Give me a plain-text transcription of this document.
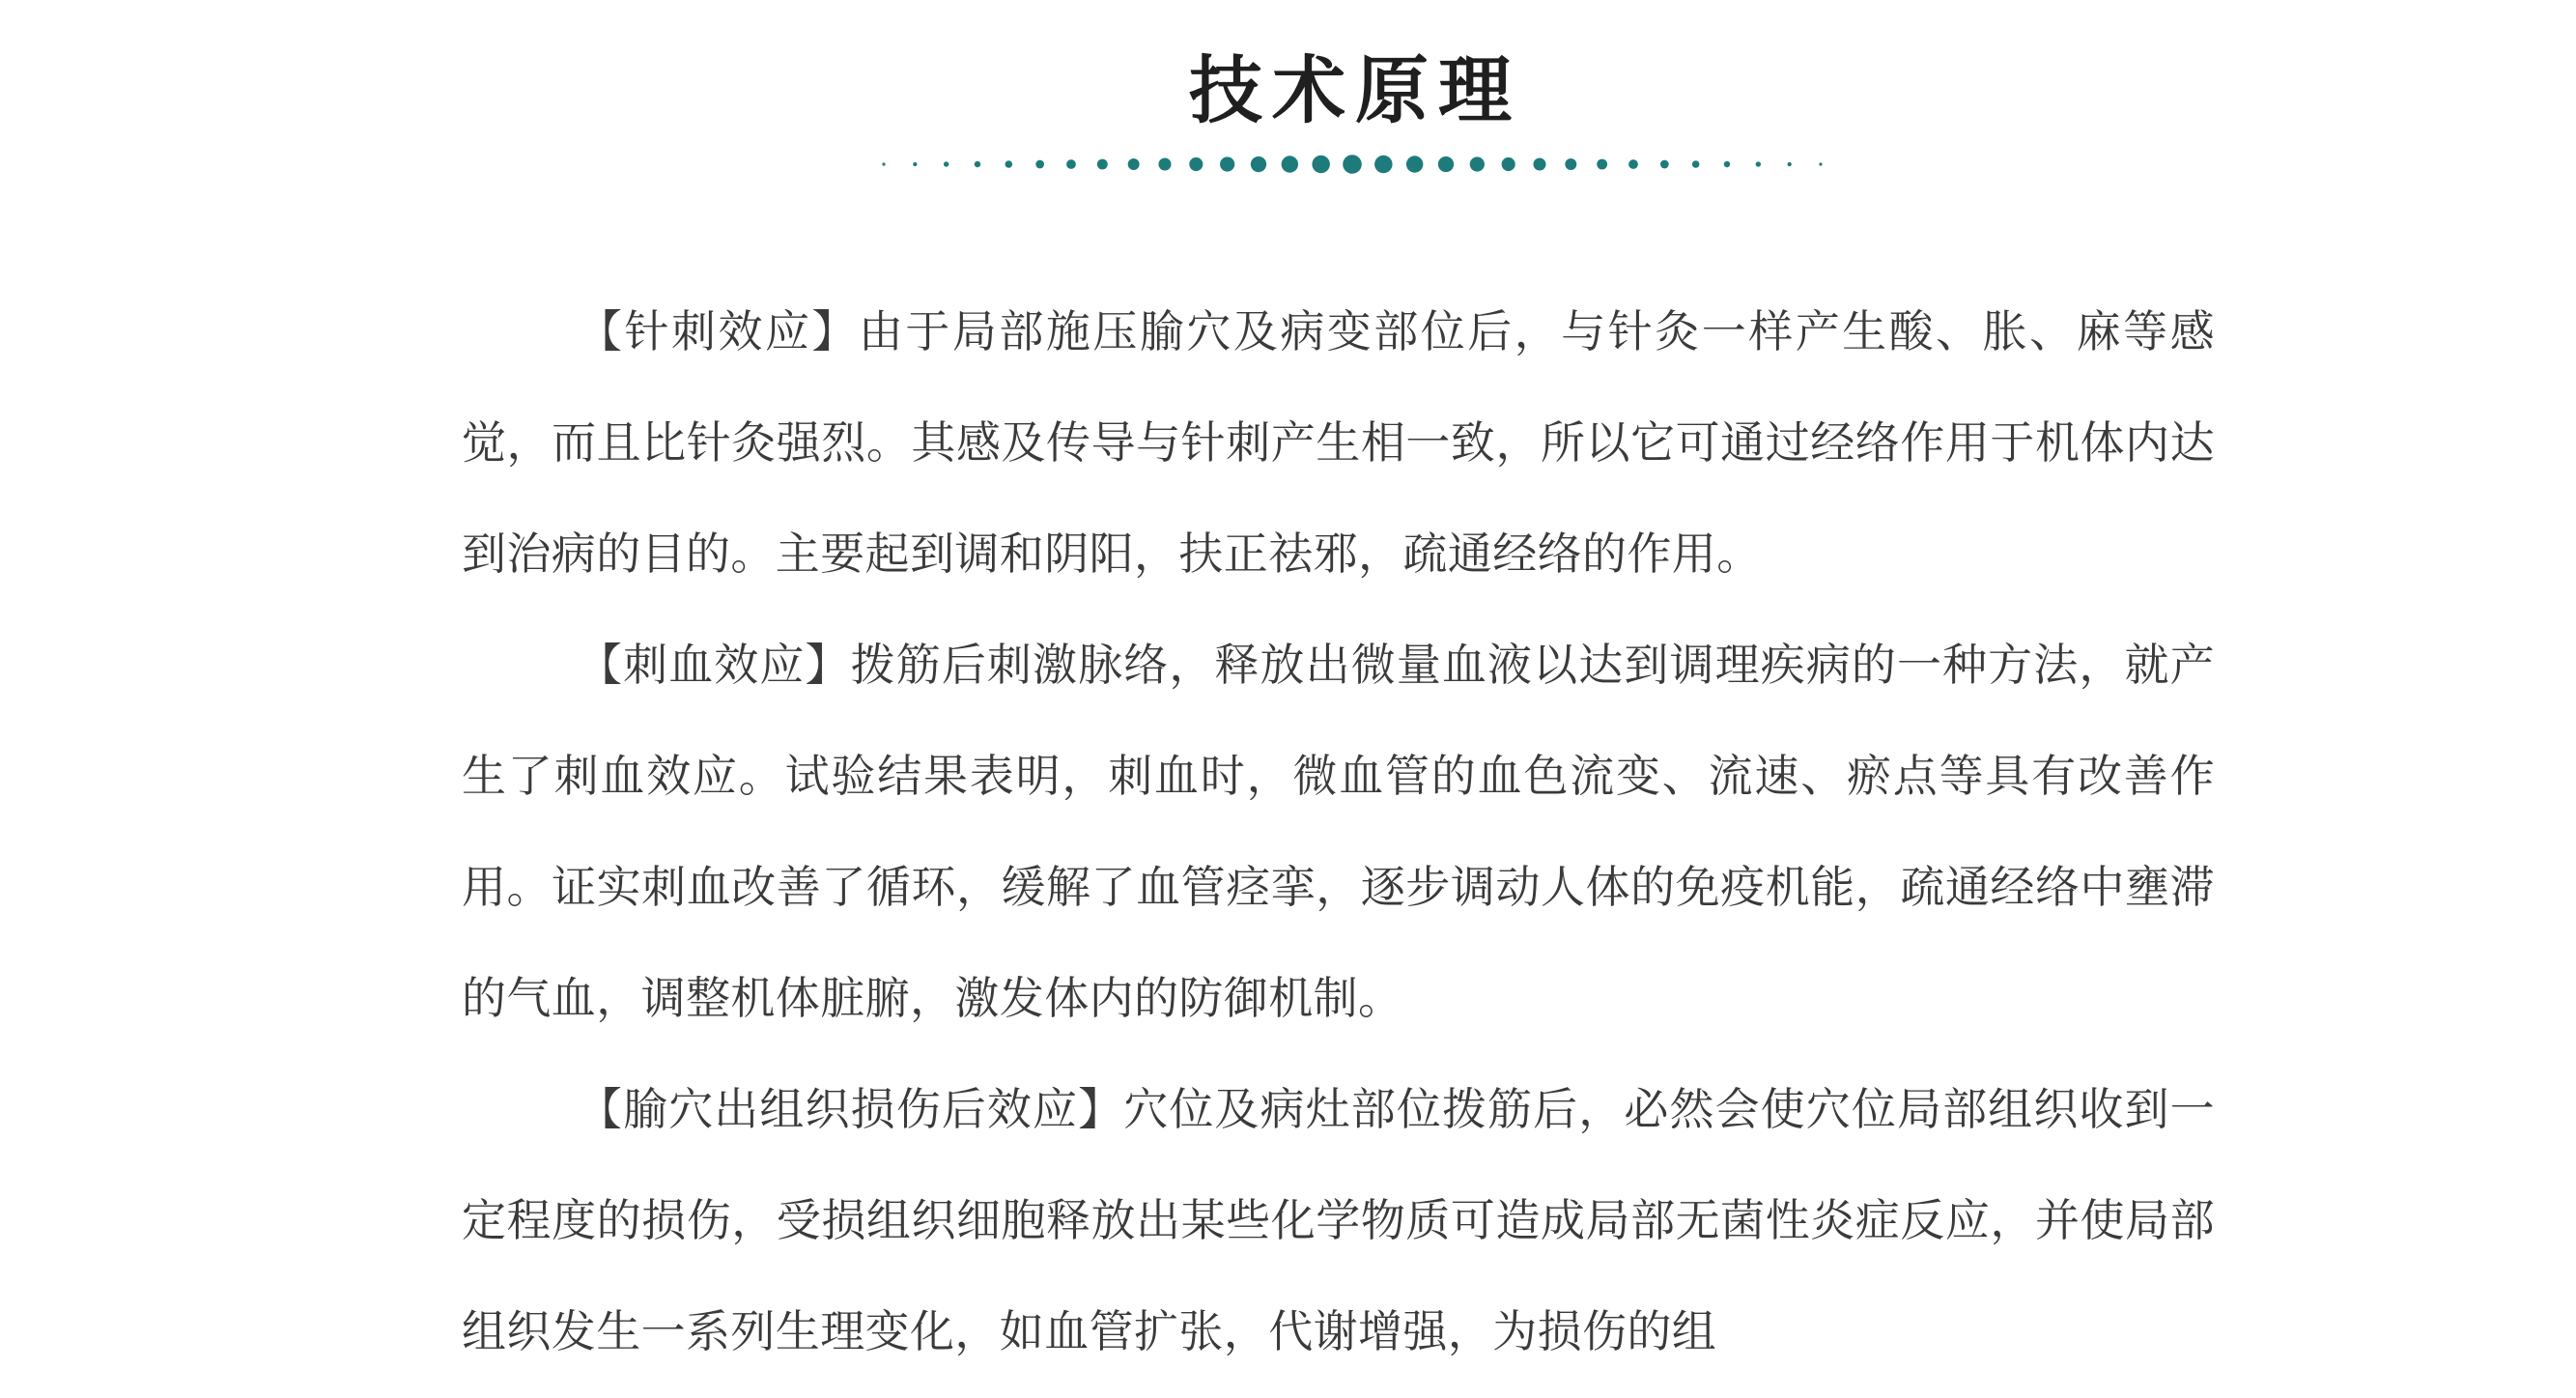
技术原理

【针刺效应】由于局部施压腧穴及病变部位后，与针灸一样产生酸、胀、麻等感觉，而且比针灸强烈。其感及传导与针刺产生相一致，所以它可通过经络作用于机体内达到治病的目的。主要起到调和阴阳，扶正祛邪，疏通经络的作用。

【刺血效应】拨筋后刺激脉络，释放出微量血液以达到调理疾病的一种方法，就产生了刺血效应。试验结果表明，刺血时，微血管的血色流变、流速、瘀点等具有改善作用。证实刺血改善了循环，缓解了血管痉挛，逐步调动人体的免疫机能，疏通经络中壅滞的气血，调整机体脏腑，激发体内的防御机制。

【腧穴出组织损伤后效应】穴位及病灶部位拨筋后，必然会使穴位局部组织收到一定程度的损伤，受损组织细胞释放出某些化学物质可造成局部无菌性炎症反应，并使局部组织发生一系列生理变化，如血管扩张，代谢增强，为损伤的组
